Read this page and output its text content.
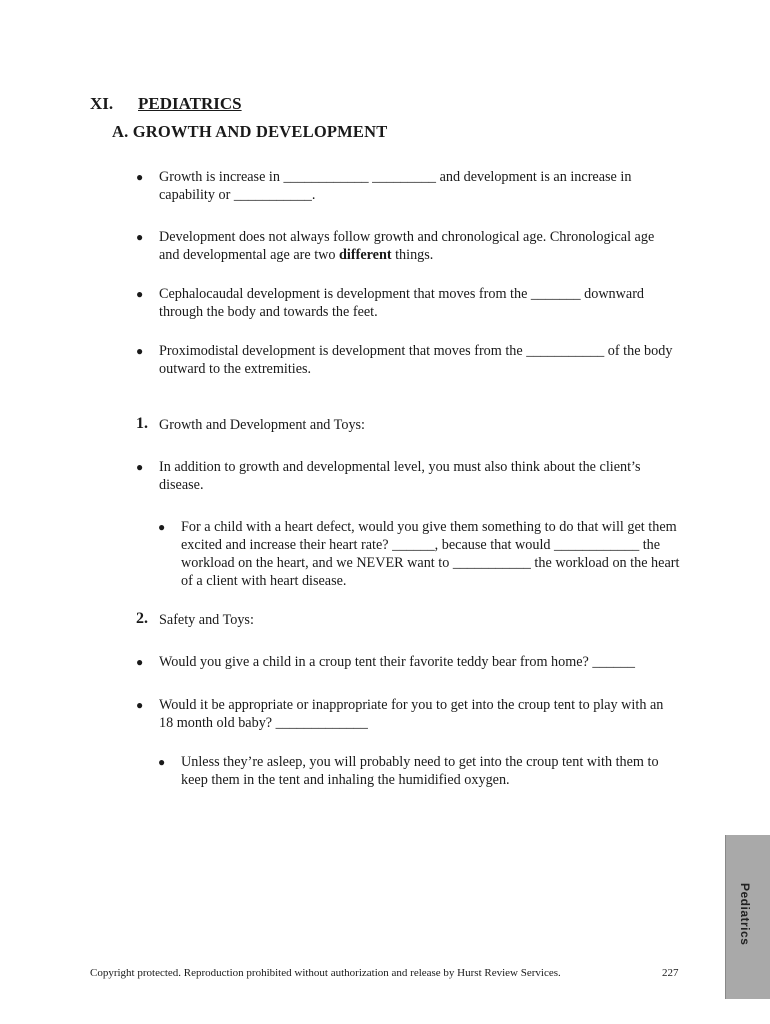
XI. PEDIATRICS
A. GROWTH AND DEVELOPMENT
● Growth is increase in ____________ _________ and development is an increase in capability or ___________.
● Development does not always follow growth and chronological age. Chronological age and developmental age are two different things.
● Cephalocaudal development is development that moves from the _______ downward through the body and towards the feet.
● Proximodistal development is development that moves from the ___________ of the body outward to the extremities.
1. Growth and Development and Toys:
● In addition to growth and developmental level, you must also think about the client’s disease.
● For a child with a heart defect, would you give them something to do that will get them excited and increase their heart rate? ______, because that would ____________ the workload on the heart, and we NEVER want to ___________ the workload on the heart of a client with heart disease.
2. Safety and Toys:
● Would you give a child in a croup tent their favorite teddy bear from home? ______
● Would it be appropriate or inappropriate for you to get into the croup tent to play with an 18 month old baby? _____________
● Unless they’re asleep, you will probably need to get into the croup tent with them to keep them in the tent and inhaling the humidified oxygen.
Pediatrics
Copyright protected. Reproduction prohibited without authorization and release by Hurst Review Services.	227
